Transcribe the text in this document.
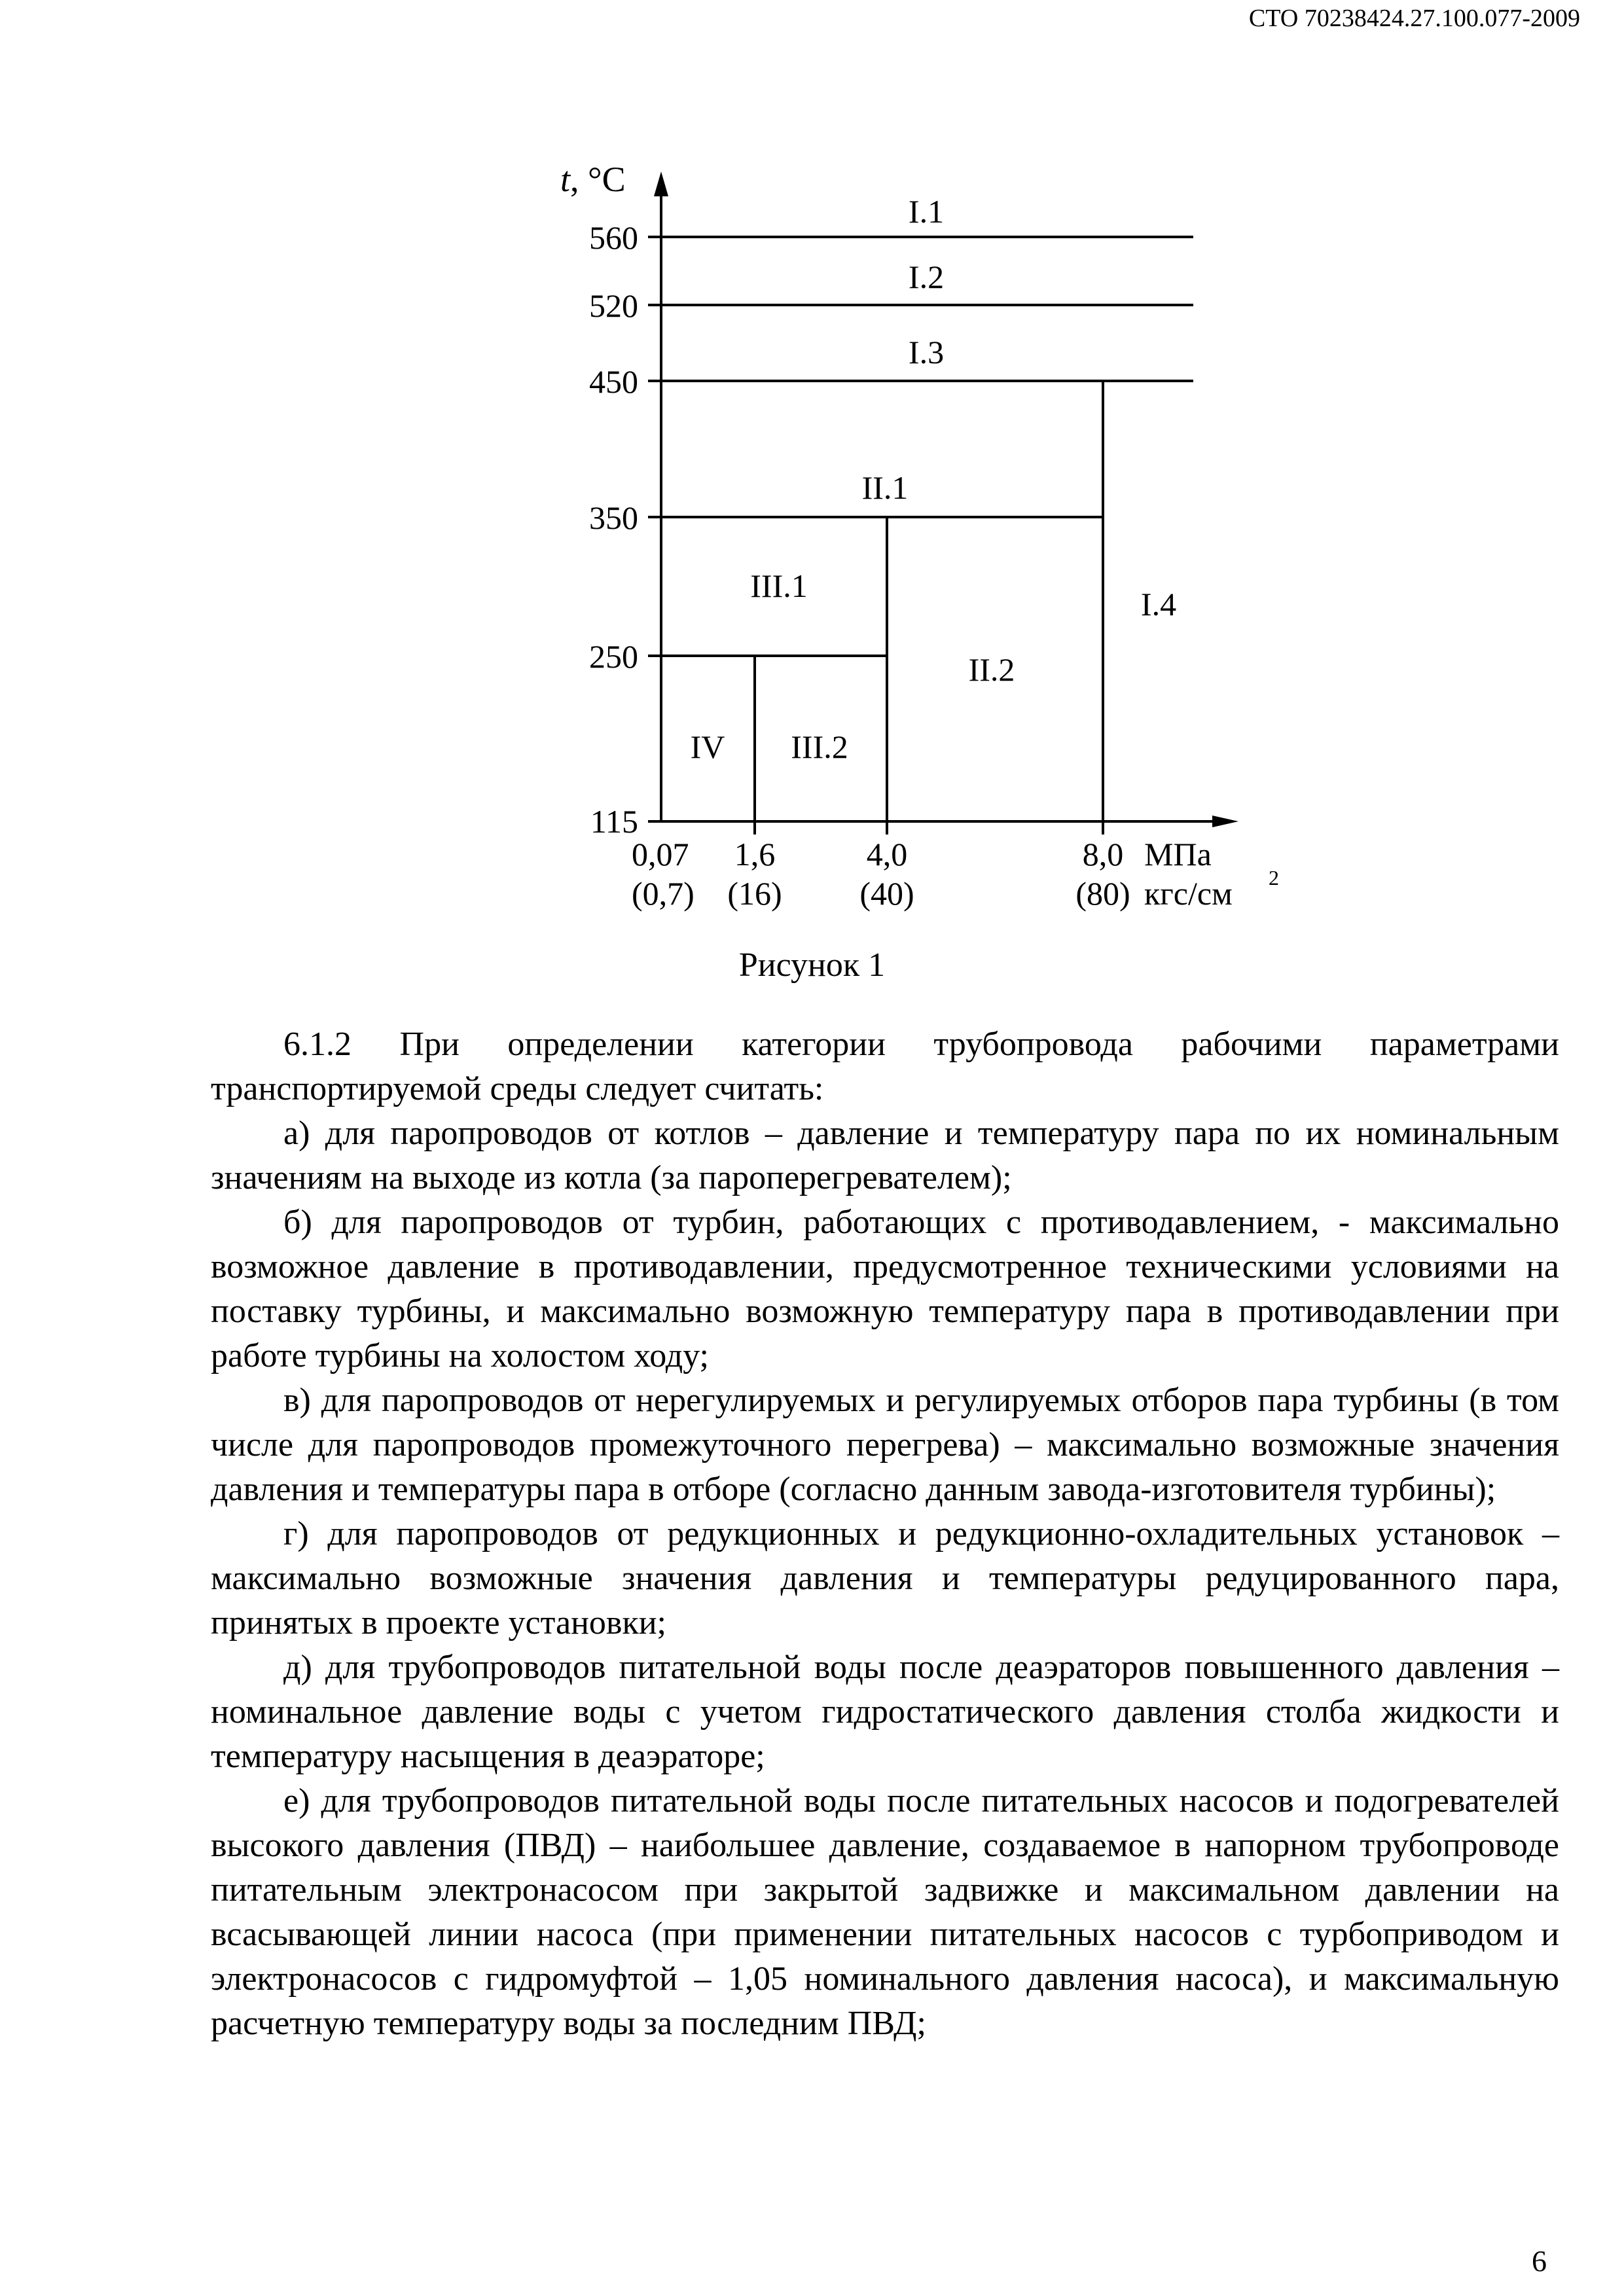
СТО 70238424.27.100.077-2009
t, °С
560
520
450
350
250
115
0,07 1,6	4,0	8,0 МПа
(0,7) (16) (40)	(80) кгс/см 2
I.1
I.2
I.3
I.4
II.1
II.2
III.1
III.2
IV
Рисунок 1

6.1.2 При определении категории трубопровода рабочими параметрами транспортируемой среды следует считать:

а) для паропроводов от котлов – давление и температуру пара по их номинальным значениям на выходе из котла (за пароперегревателем);

б) для паропроводов от турбин, работающих с противодавлением, - максимально возможное давление в противодавлении, предусмотренное техническими условиями на поставку турбины, и максимально возможную температуру пара в противодавлении при работе турбины на холостом ходу;

в) для паропроводов от нерегулируемых и регулируемых отборов пара турбины (в том числе для паропроводов промежуточного перегрева) – максимально возможные значения давления и температуры пара в отборе (согласно данным завода-изготовителя турбины);

г) для паропроводов от редукционных и редукционно-охладительных установок – максимально возможные значения давления и температуры редуцированного пара, принятых в проекте установки;

д) для трубопроводов питательной воды после деаэраторов повышенного давления – номинальное давление воды с учетом гидростатического давления столба жидкости и температуру насыщения в деаэраторе;

е) для трубопроводов питательной воды после питательных насосов и подогревателей высокого давления (ПВД) – наибольшее давление, создаваемое в напорном трубопроводе питательным электронасосом при закрытой задвижке и максимальном давлении на всасывающей линии насоса (при применении питательных насосов с турбоприводом и электронасосов с гидромуфтой – 1,05 номинального давления насоса), и максимальную расчетную температуру воды за последним ПВД;

6
